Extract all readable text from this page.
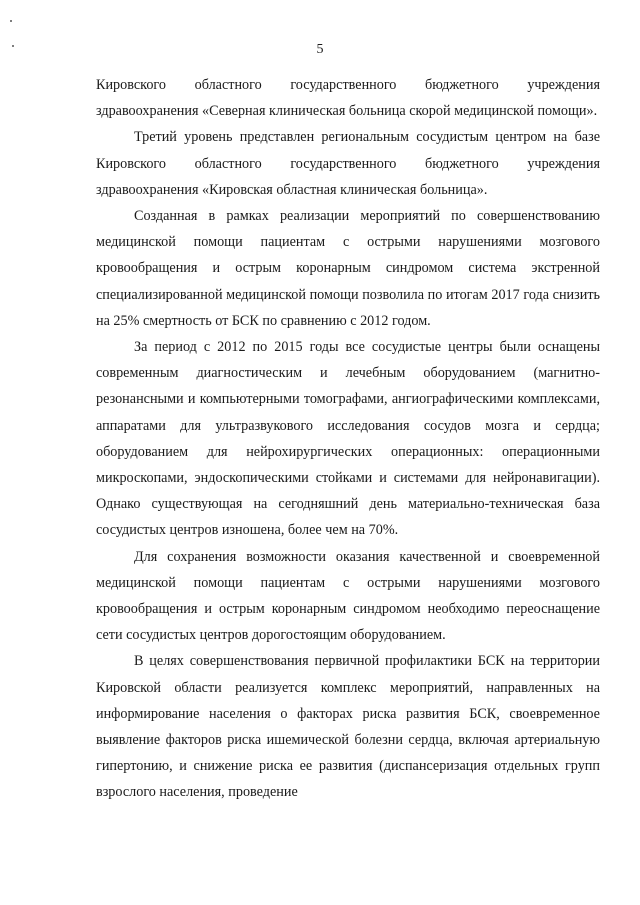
5

Кировского областного государственного бюджетного учреждения здравоохранения «Северная клиническая больница скорой медицинской помощи».

Третий уровень представлен региональным сосудистым центром на базе Кировского областного государственного бюджетного учреждения здравоохранения «Кировская областная клиническая больница».

Созданная в рамках реализации мероприятий по совершенствованию медицинской помощи пациентам с острыми нарушениями мозгового кровообращения и острым коронарным синдромом система экстренной специализированной медицинской помощи позволила по итогам 2017 года снизить на 25% смертность от БСК по сравнению с 2012 годом.

За период с 2012 по 2015 годы все сосудистые центры были оснащены современным диагностическим и лечебным оборудованием (магнитно-резонансными и компьютерными томографами, ангиографическими комплексами, аппаратами для ультразвукового исследования сосудов мозга и сердца; оборудованием для нейрохирургических операционных: операционными микроскопами, эндоскопическими стойками и системами для нейронавигации). Однако существующая на сегодняшний день материально-техническая база сосудистых центров изношена, более чем на 70%.

Для сохранения возможности оказания качественной и своевременной медицинской помощи пациентам с острыми нарушениями мозгового кровообращения и острым коронарным синдромом необходимо переоснащение сети сосудистых центров дорогостоящим оборудованием.

В целях совершенствования первичной профилактики БСК на территории Кировской области реализуется комплекс мероприятий, направленных на информирование населения о факторах риска развития БСК, своевременное выявление факторов риска ишемической болезни сердца, включая артериальную гипертонию, и снижение риска ее развития (диспансеризация отдельных групп взрослого населения, проведение
